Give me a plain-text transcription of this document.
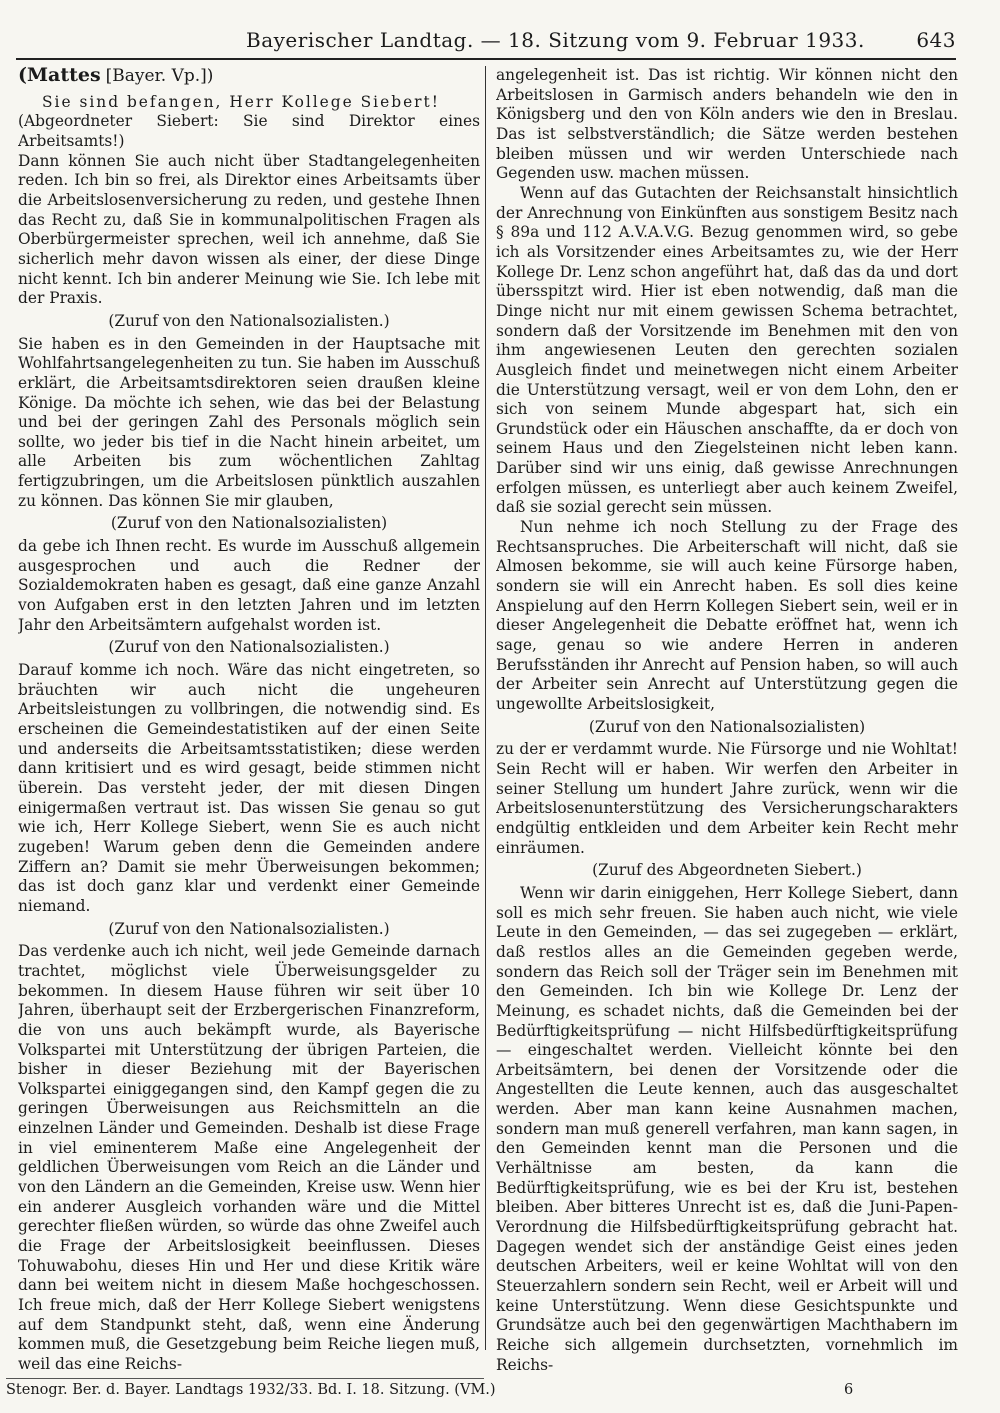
Bayerischer Landtag. — 18. Sitzung vom 9. Februar 1933.	643

(Mattes [Bayer. Vp.])

Sie sind befangen, Herr Kollege Siebert!

(Abgeordneter Siebert: Sie sind Direktor eines Arbeitsamts!)

Dann können Sie auch nicht über Stadtangelegenheiten reden. Ich bin so frei, als Direktor eines Arbeitsamts über die Arbeitslosenversicherung zu reden, und gestehe Ihnen das Recht zu, daß Sie in kommunalpolitischen Fragen als Oberbürgermeister sprechen, weil ich annehme, daß Sie sicherlich mehr davon wissen als einer, der diese Dinge nicht kennt. Ich bin anderer Meinung wie Sie. Ich lebe mit der Praxis.

(Zuruf von den Nationalsozialisten.)

Sie haben es in den Gemeinden in der Hauptsache mit Wohlfahrtsangelegenheiten zu tun. Sie haben im Ausschuß erklärt, die Arbeitsamtsdirektoren seien draußen kleine Könige. Da möchte ich sehen, wie das bei der Belastung und bei der geringen Zahl des Personals möglich sein sollte, wo jeder bis tief in die Nacht hinein arbeitet, um alle Arbeiten bis zum wöchentlichen Zahltag fertigzubringen, um die Arbeitslosen pünktlich auszahlen zu können. Das können Sie mir glauben,

(Zuruf von den Nationalsozialisten)

da gebe ich Ihnen recht. Es wurde im Ausschuß allgemein ausgesprochen und auch die Redner der Sozialdemokraten haben es gesagt, daß eine ganze Anzahl von Aufgaben erst in den letzten Jahren und im letzten Jahr den Arbeitsämtern aufgehalst worden ist.

(Zuruf von den Nationalsozialisten.)

Darauf komme ich noch. Wäre das nicht eingetreten, so bräuchten wir auch nicht die ungeheuren Arbeitsleistungen zu vollbringen, die notwendig sind. Es erscheinen die Gemeindestatistiken auf der einen Seite und anderseits die Arbeitsamtsstatistiken; diese werden dann kritisiert und es wird gesagt, beide stimmen nicht überein. Das versteht jeder, der mit diesen Dingen einigermaßen vertraut ist. Das wissen Sie genau so gut wie ich, Herr Kollege Siebert, wenn Sie es auch nicht zugeben! Warum geben denn die Gemeinden andere Ziffern an? Damit sie mehr Überweisungen bekommen; das ist doch ganz klar und verdenkt einer Gemeinde niemand.

(Zuruf von den Nationalsozialisten.)

Das verdenke auch ich nicht, weil jede Gemeinde darnach trachtet, möglichst viele Überweisungsgelder zu bekommen. In diesem Hause führen wir seit über 10 Jahren, überhaupt seit der Erzbergerischen Finanzreform, die von uns auch bekämpft wurde, als Bayerische Volkspartei mit Unterstützung der übrigen Parteien, die bisher in dieser Beziehung mit der Bayerischen Volkspartei einiggegangen sind, den Kampf gegen die zu geringen Überweisungen aus Reichsmitteln an die einzelnen Länder und Gemeinden. Deshalb ist diese Frage in viel eminenterem Maße eine Angelegenheit der geldlichen Überweisungen vom Reich an die Länder und von den Ländern an die Gemeinden, Kreise usw. Wenn hier ein anderer Ausgleich vorhanden wäre und die Mittel gerechter fließen würden, so würde das ohne Zweifel auch die Frage der Arbeitslosigkeit beeinflussen. Dieses Tohuwabohu, dieses Hin und Her und diese Kritik wäre dann bei weitem nicht in diesem Maße hochgeschossen. Ich freue mich, daß der Herr Kollege Siebert wenigstens auf dem Standpunkt steht, daß, wenn eine Änderung kommen muß, die Gesetzgebung beim Reiche liegen muß, weil das eine Reichs-

angelegenheit ist. Das ist richtig. Wir können nicht den Arbeitslosen in Garmisch anders behandeln wie den in Königsberg und den von Köln anders wie den in Breslau. Das ist selbstverständlich; die Sätze werden bestehen bleiben müssen und wir werden Unterschiede nach Gegenden usw. machen müssen.

Wenn auf das Gutachten der Reichsanstalt hinsichtlich der Anrechnung von Einkünften aus sonstigem Besitz nach § 89a und 112 A.V.A.V.G. Bezug genommen wird, so gebe ich als Vorsitzender eines Arbeitsamtes zu, wie der Herr Kollege Dr. Lenz schon angeführt hat, daß das da und dort übersspitzt wird. Hier ist eben notwendig, daß man die Dinge nicht nur mit einem gewissen Schema betrachtet, sondern daß der Vorsitzende im Benehmen mit den von ihm angewiesenen Leuten den gerechten sozialen Ausgleich findet und meinetwegen nicht einem Arbeiter die Unterstützung versagt, weil er von dem Lohn, den er sich von seinem Munde abgespart hat, sich ein Grundstück oder ein Häuschen anschaffte, da er doch von seinem Haus und den Ziegelsteinen nicht leben kann. Darüber sind wir uns einig, daß gewisse Anrechnungen erfolgen müssen, es unterliegt aber auch keinem Zweifel, daß sie sozial gerecht sein müssen.

Nun nehme ich noch Stellung zu der Frage des Rechtsanspruches. Die Arbeiterschaft will nicht, daß sie Almosen bekomme, sie will auch keine Fürsorge haben, sondern sie will ein Anrecht haben. Es soll dies keine Anspielung auf den Herrn Kollegen Siebert sein, weil er in dieser Angelegenheit die Debatte eröffnet hat, wenn ich sage, genau so wie andere Herren in anderen Berufsständen ihr Anrecht auf Pension haben, so will auch der Arbeiter sein Anrecht auf Unterstützung gegen die ungewollte Arbeitslosigkeit,

(Zuruf von den Nationalsozialisten)

zu der er verdammt wurde. Nie Fürsorge und nie Wohltat! Sein Recht will er haben. Wir werfen den Arbeiter in seiner Stellung um hundert Jahre zurück, wenn wir die Arbeitslosenunterstützung des Versicherungscharakters endgültig entkleiden und dem Arbeiter kein Recht mehr einräumen.

(Zuruf des Abgeordneten Siebert.)

Wenn wir darin einiggehen, Herr Kollege Siebert, dann soll es mich sehr freuen. Sie haben auch nicht, wie viele Leute in den Gemeinden, — das sei zugegeben — erklärt, daß restlos alles an die Gemeinden gegeben werde, sondern das Reich soll der Träger sein im Benehmen mit den Gemeinden. Ich bin wie Kollege Dr. Lenz der Meinung, es schadet nichts, daß die Gemeinden bei der Bedürftigkeitsprüfung — nicht Hilfsbedürftigkeitsprüfung — eingeschaltet werden. Vielleicht könnte bei den Arbeitsämtern, bei denen der Vorsitzende oder die Angestellten die Leute kennen, auch das ausgeschaltet werden. Aber man kann keine Ausnahmen machen, sondern man muß generell verfahren, man kann sagen, in den Gemeinden kennt man die Personen und die Verhältnisse am besten, da kann die Bedürftigkeitsprüfung, wie es bei der Kru ist, bestehen bleiben. Aber bitteres Unrecht ist es, daß die Juni-Papen-Verordnung die Hilfsbedürftigkeitsprüfung gebracht hat. Dagegen wendet sich der anständige Geist eines jeden deutschen Arbeiters, weil er keine Wohltat will von den Steuerzahlern sondern sein Recht, weil er Arbeit will und keine Unterstützung. Wenn diese Gesichtspunkte und Grundsätze auch bei den gegenwärtigen Machthabern im Reiche sich allgemein durchsetzten, vornehmlich im Reichs-

Stenogr. Ber. d. Bayer. Landtags 1932/33. Bd. I. 18. Sitzung. (VM.)	6
